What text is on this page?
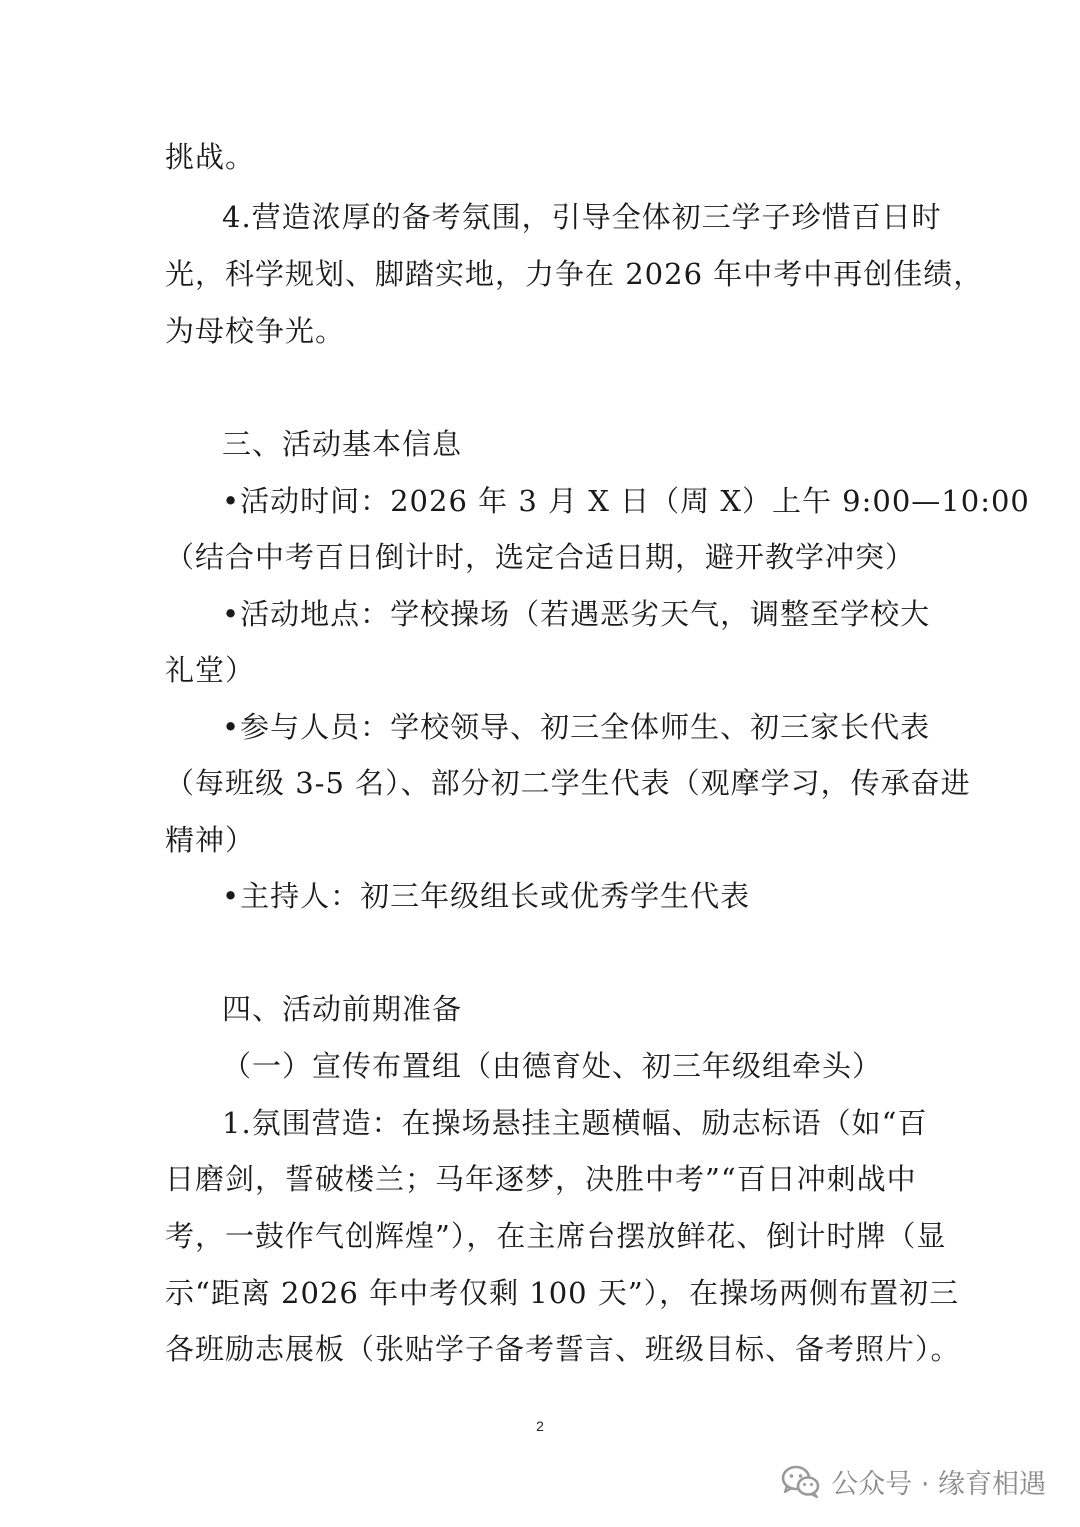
挑战。
4.营造浓厚的备考氛围，引导全体初三学子珍惜百日时
光，科学规划、脚踏实地，力争在 2026 年中考中再创佳绩，
为母校争光。
三、活动基本信息
•活动时间：2026 年 3 月 X 日（周 X）上午 9:00—10:00
（结合中考百日倒计时，选定合适日期，避开教学冲突）
•活动地点：学校操场（若遇恶劣天气，调整至学校大
礼堂）
•参与人员：学校领导、初三全体师生、初三家长代表
（每班级 3-5 名）、部分初二学生代表（观摩学习，传承奋进
精神）
•主持人：初三年级组长或优秀学生代表
四、活动前期准备
（一）宣传布置组（由德育处、初三年级组牵头）
1.氛围营造：在操场悬挂主题横幅、励志标语（如“百
日磨剑，誓破楼兰；马年逐梦，决胜中考”“百日冲刺战中
考，一鼓作气创辉煌”），在主席台摆放鲜花、倒计时牌（显
示“距离 2026 年中考仅剩 100 天”），在操场两侧布置初三
各班励志展板（张贴学子备考誓言、班级目标、备考照片）。
2
公众号 · 缘育相遇
